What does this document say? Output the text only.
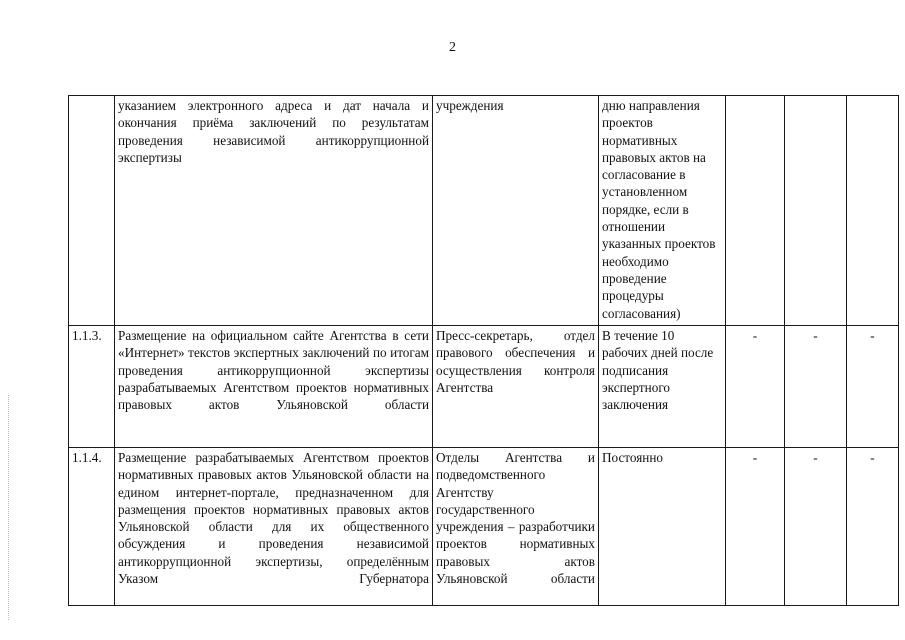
2
	указанием электронного адреса и дат начала и окончания приёма заключений по результатам проведения независимой антикоррупционной экспертизы	учреждения	дню направления проектов нормативных правовых актов на согласование в установленном порядке, если в отношении указанных проектов необходимо проведение процедуры согласования)			
1.1.3.	Размещение на официальном сайте Агентства в сети «Интернет» текстов экспертных заключений по итогам проведения антикоррупционной экспертизы разрабатываемых Агентством проектов нормативных правовых актов Ульяновской области	Пресс-секретарь, отдел правового обеспечения и осуществления контроля Агентства	В течение 10 рабочих дней после подписания экспертного заключения	-	-	-
1.1.4.	Размещение разрабатываемых Агентством проектов нормативных правовых актов Ульяновской области на едином интернет-портале, предназначенном для размещения проектов нормативных правовых актов Ульяновской области для их общественного обсуждения и проведения независимой антикоррупционной экспертизы, определённым Указом Губернатора	Отделы Агентства и подведомственного Агентству государственного учреждения – разработчики проектов нормативных правовых актов Ульяновской области	Постоянно	-	-	-
